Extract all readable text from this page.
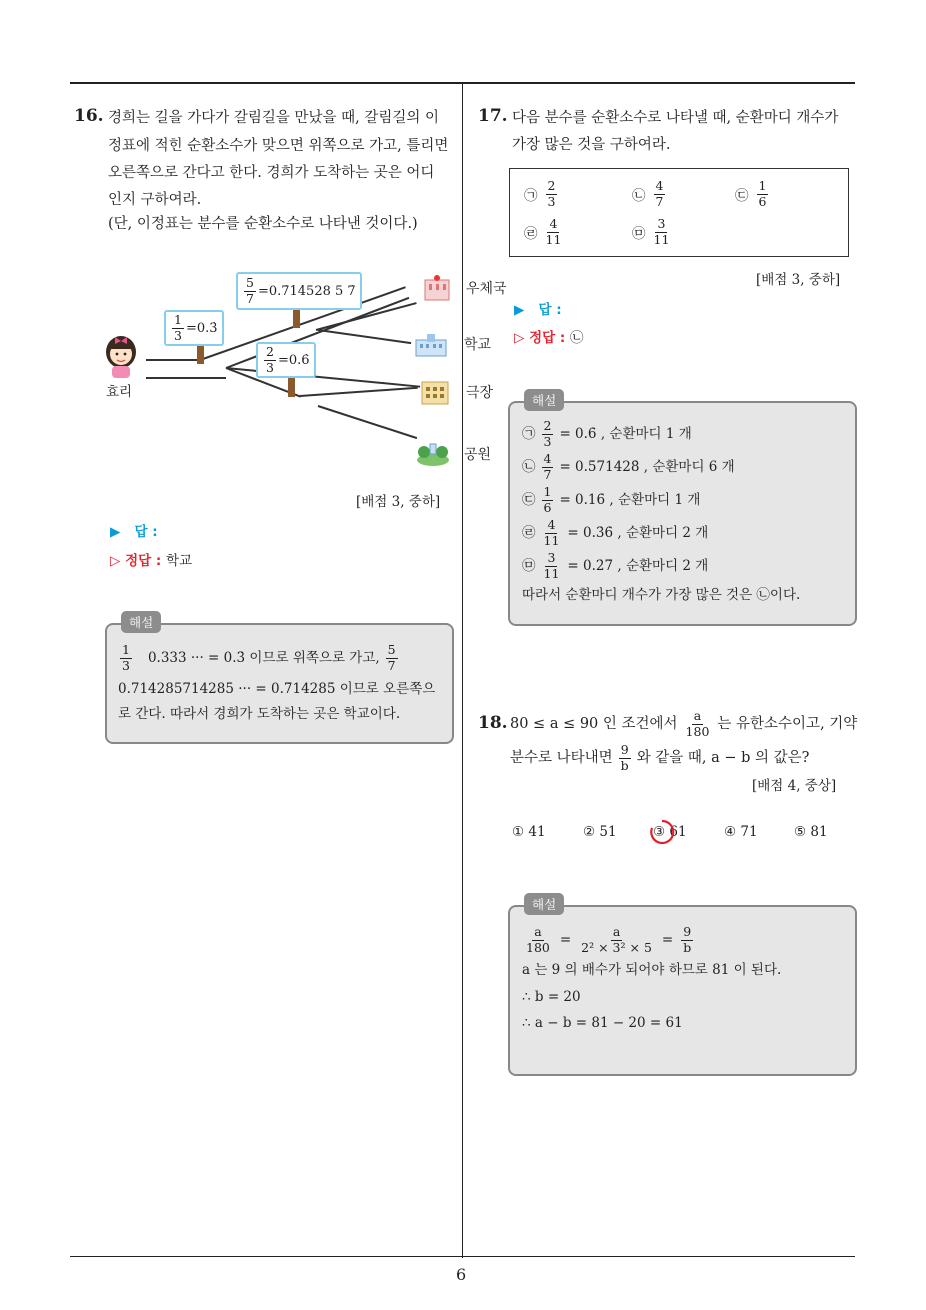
6
16. 경희는 길을 가다가 갈림길을 만났을 때, 갈림길의 이
정표에 적힌 순환소수가 맞으면 위쪽으로 가고, 틀리면
오른쪽으로 간다고 한다. 경희가 도착하는 곳은 어디
인지 구하여라.
(단, 이정표는 분수를 순환소수로 나타낸 것이다.)
효리
$\frac{1}{3}$ =0.3̇
$\frac{5}{7}$ =0.7̇14528 5 7̇
$\frac{2}{3}$ =0.6̇
우체국
학교
극장
공원
[배점 3, 중하]
▶ 답 :
▷ 정답 : 학교
해설
$\frac{1}{3} 0.333$ ··· = 0.3̇ 이므로 위쪽으로 가고, $\frac{5}{7}$
0.714285714285 ··· = 0.7̇14285̇ 이므로 오른쪽으
로 간다. 따라서 경희가 도착하는 곳은 학교이다.
17. 다음 분수를 순환소수로 나타낼 때, 순환마디 개수가
가장 많은 것을 구하여라.
㉠ $\frac{2}{3}$	㉡ $\frac{4}{7}$	㉢ $\frac{1}{6}$
㉣ $\frac{4}{11}$	㉤ $\frac{3}{11}$
[배점 3, 중하]
▶ 답 :
▷ 정답 : ㉡
해설
㉠ $\frac{2}{3}$ = 0.6̇ , 순환마디 1 개
㉡ $\frac{4}{7}$ = 0.5̇71428̇ , 순환마디 6 개
㉢ $\frac{1}{6}$ = 0.16̇ , 순환마디 1 개
㉣ $\frac{4}{11}$ = 0.3̇6̇ , 순환마디 2 개
㉤ $\frac{3}{11}$ = 0.2̇7̇ , 순환마디 2 개
따라서 순환마디 개수가 가장 많은 것은 ㉡이다.
18. 80 ≤ a ≤ 90 인 조건에서 $\frac{a}{180}$ 는 유한소수이고, 기약
분수로 나타내면 $\frac{9}{b}$ 와 같을 때, a − b 의 값은?
[배점 4, 중상]
① 41	② 51	③ 61	④ 71	⑤ 81
해설
$\frac{a}{180} = \frac{a}{\text{2² × 3² × 5}} = \frac{9}{b}$
a 는 9 의 배수가 되어야 하므로 81 이 된다.
∴ b = 20
∴ a − b = 81 − 20 = 61
